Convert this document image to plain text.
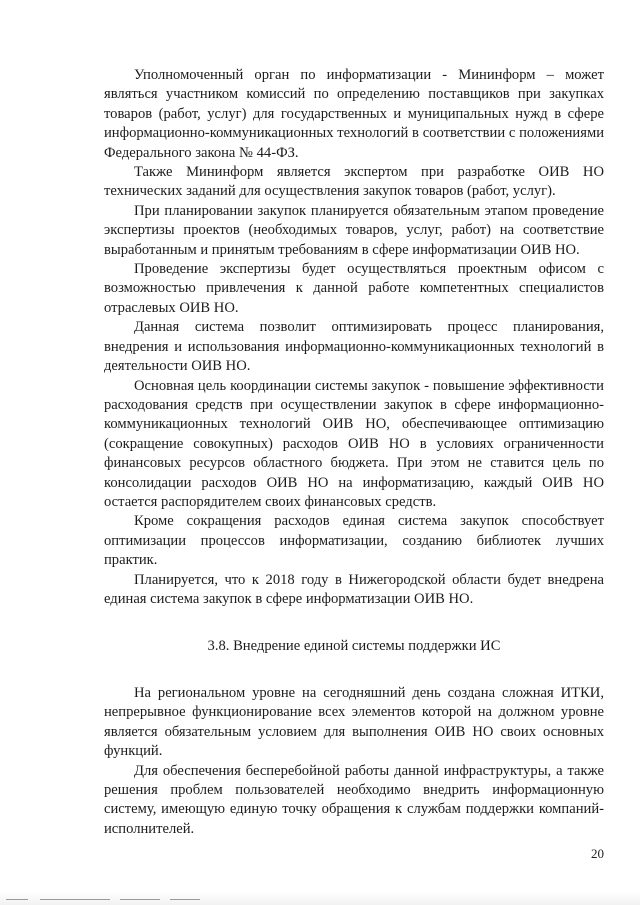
Уполномоченный орган по информатизации - Мининформ – может являться участником комиссий по определению поставщиков при закупках товаров (работ, услуг) для государственных и муниципальных нужд в сфере информационно-коммуникационных технологий в соответствии с положениями Федерального закона № 44-ФЗ.

Также Мининформ является экспертом при разработке ОИВ НО технических заданий для осуществления закупок товаров (работ, услуг).

При планировании закупок планируется обязательным этапом проведение экспертизы проектов (необходимых товаров, услуг, работ) на соответствие выработанным и принятым требованиям в сфере информатизации ОИВ НО.

Проведение экспертизы будет осуществляться проектным офисом с возможностью привлечения к данной работе компетентных специалистов отраслевых ОИВ НО.

Данная система позволит оптимизировать процесс планирования, внедрения и использования информационно-коммуникационных технологий в деятельности ОИВ НО.

Основная цель координации системы закупок - повышение эффективности расходования средств при осуществлении закупок в сфере информационно-коммуникационных технологий ОИВ НО, обеспечивающее оптимизацию (сокращение совокупных) расходов ОИВ НО в условиях ограниченности финансовых ресурсов областного бюджета. При этом не ставится цель по консолидации расходов ОИВ НО на информатизацию, каждый ОИВ НО остается распорядителем своих финансовых средств.

Кроме сокращения расходов единая система закупок способствует оптимизации процессов информатизации, созданию библиотек лучших практик.

Планируется, что к 2018 году в Нижегородской области будет внедрена единая система закупок в сфере информатизации ОИВ НО.

3.8. Внедрение единой системы поддержки ИС

На региональном уровне на сегодняшний день создана сложная ИТКИ, непрерывное функционирование всех элементов которой на должном уровне является обязательным условием для выполнения ОИВ НО своих основных функций.

Для обеспечения бесперебойной работы данной инфраструктуры, а также решения проблем пользователей необходимо внедрить информационную систему, имеющую единую точку обращения к службам поддержки компаний-исполнителей.

20
